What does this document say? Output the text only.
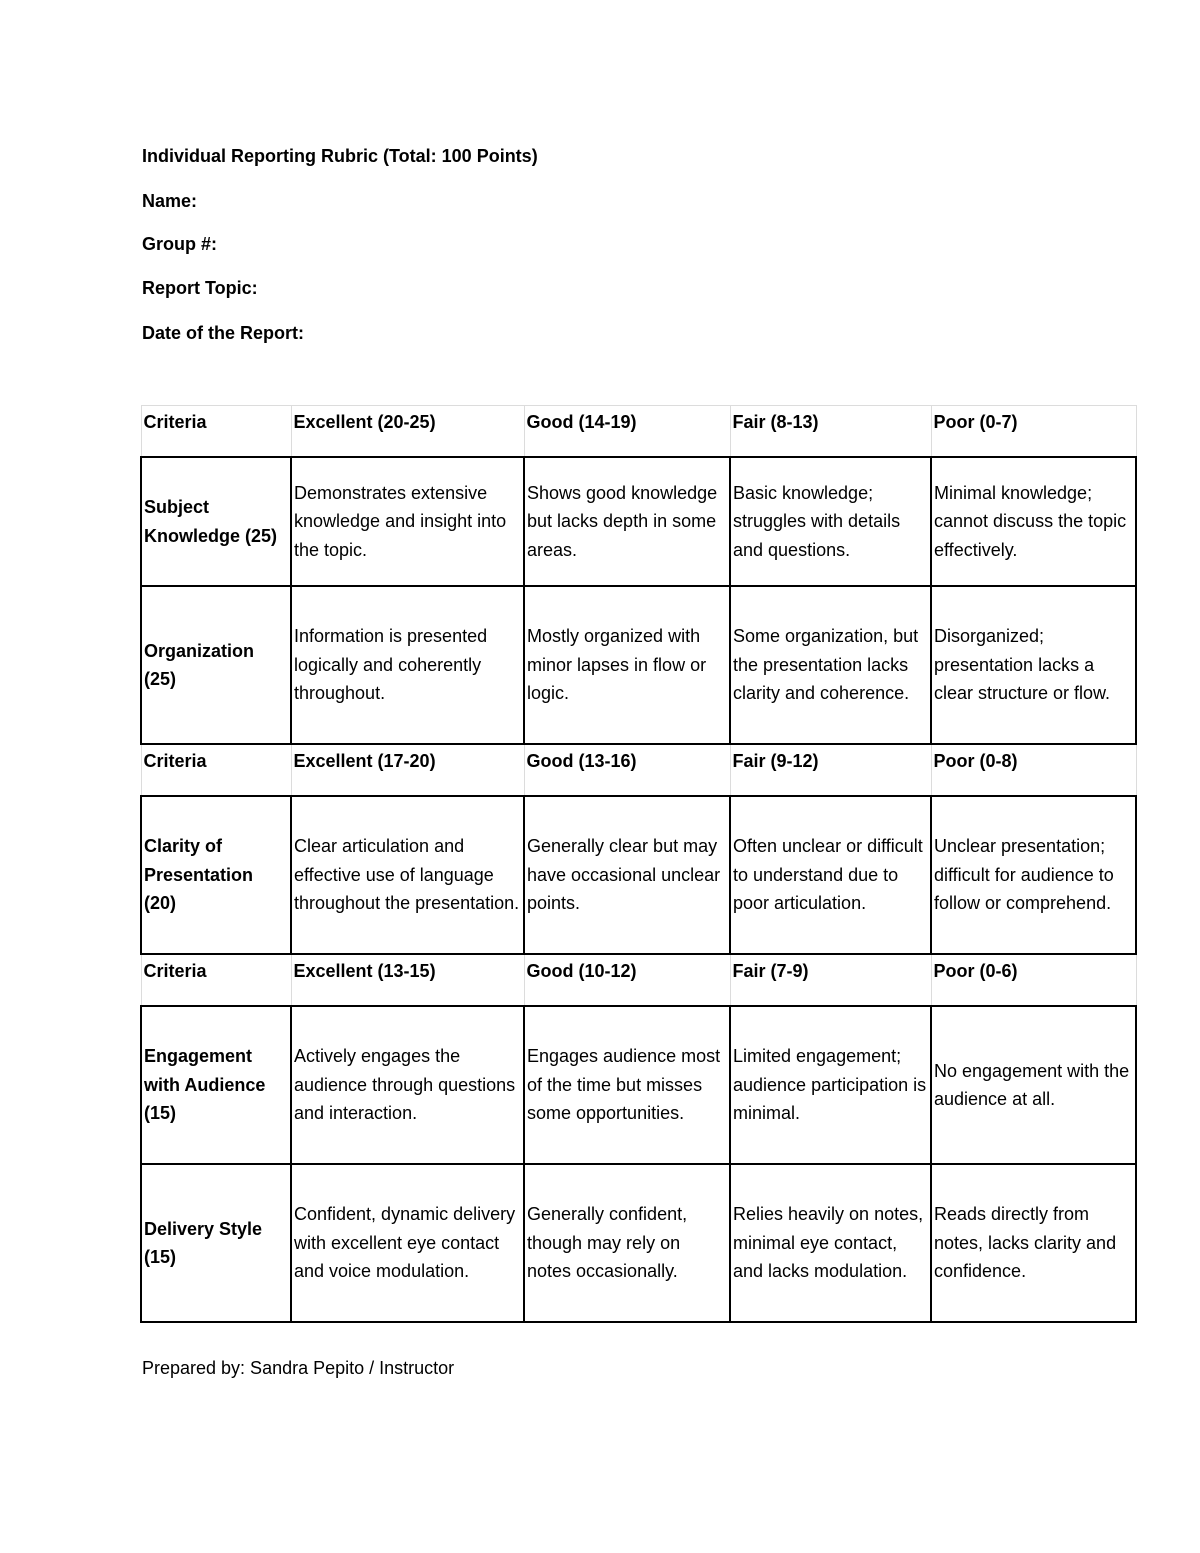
Individual Reporting Rubric (Total: 100 Points)
Name:
Group #:
Report Topic:
Date of the Report:
Criteria	Excellent (20-25)	Good (14-19)	Fair (8-13)	Poor (0-7)
Subject Knowledge (25)	Demonstrates extensive knowledge and insight into the topic.	Shows good knowledge but lacks depth in some areas.	Basic knowledge; struggles with details and questions.	Minimal knowledge; cannot discuss the topic effectively.
Organization (25)	Information is presented logically and coherently throughout.	Mostly organized with minor lapses in flow or logic.	Some organization, but the presentation lacks clarity and coherence.	Disorganized; presentation lacks a clear structure or flow.
Criteria	Excellent (17-20)	Good (13-16)	Fair (9-12)	Poor (0-8)
Clarity of Presentation (20)	Clear articulation and effective use of language throughout the presentation.	Generally clear but may have occasional unclear points.	Often unclear or difficult to understand due to poor articulation.	Unclear presentation; difficult for audience to follow or comprehend.
Criteria	Excellent (13-15)	Good (10-12)	Fair (7-9)	Poor (0-6)
Engagement with Audience (15)	Actively engages the audience through questions and interaction.	Engages audience most of the time but misses some opportunities.	Limited engagement; audience participation is minimal.	No engagement with the audience at all.
Delivery Style (15)	Confident, dynamic delivery with excellent eye contact and voice modulation.	Generally confident, though may rely on notes occasionally.	Relies heavily on notes, minimal eye contact, and lacks modulation.	Reads directly from notes, lacks clarity and confidence.
Prepared by: Sandra Pepito / Instructor
